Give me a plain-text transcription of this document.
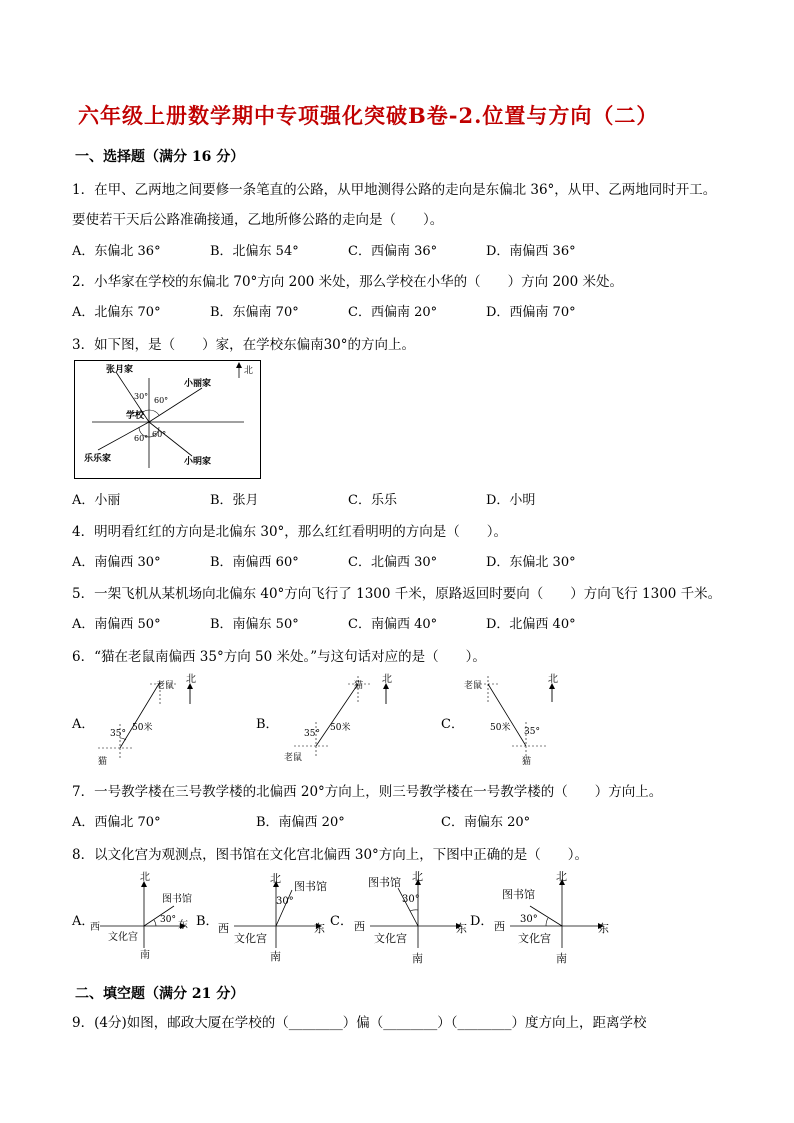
六年级上册数学期中专项强化突破B卷-2.位置与方向（二）
一、选择题（满分 16 分）
1．在甲、乙两地之间要修一条笔直的公路，从甲地测得公路的走向是东偏北 36°，从甲、乙两地同时开工。
要使若干天后公路准确接通，乙地所修公路的走向是（　　）。
A．东偏北 36°	B．北偏东 54°	C．西偏南 36°	D．南偏西 36°
2．小华家在学校的东偏北 70°方向 200 米处，那么学校在小华的（　　）方向 200 米处。
A．北偏东 70°	B．东偏南 70°	C．西偏南 20°	D．西偏南 70°
3．如下图，是（　　）家，在学校东偏南30°的方向上。
北
张月家
小丽家
乐乐家	小明家
学校
30° 60°
60° 60°
A．小丽	B．张月	C．乐乐	D．小明
4．明明看红红的方向是北偏东 30°，那么红红看明明的方向是（　　）。
A．南偏西 30°	B．南偏西 60°	C．北偏西 30°	D．东偏北 30°
5．一架飞机从某机场向北偏东 40°方向飞行了 1300 千米，原路返回时要向（　　）方向飞行 1300 千米。
A．南偏西 50°	B．南偏东 50°	C．南偏西 40°	D．北偏西 40°
6．“猫在老鼠南偏西 35°方向 50 米处。”与这句话对应的是（　　）。
A．
北
老鼠
猫
50米
35°
B．
北
猫
老鼠
50米
35°
C．
北
老鼠
猫
50米 35°
7．一号教学楼在三号教学楼的北偏西 20°方向上，则三号教学楼在一号教学楼的（　　）方向上。
A．西偏北 70°	B．南偏西 20°	C．南偏东 20°
8．以文化宫为观测点，图书馆在文化宫北偏西 30°方向上，下图中正确的是（　　）。
A．
北
南
东
西
图书馆
文化宫
30° B．
北
南
东
西
图书馆
文化宫
30°
C．
北
南
东
西
图书馆
文化宫
30°
D．
北
南
东
西
图书馆
文化宫
30°
二、填空题（满分 21 分）
9．(4分)如图，邮政大厦在学校的（________）偏（________）（________）度方向上，距离学校
